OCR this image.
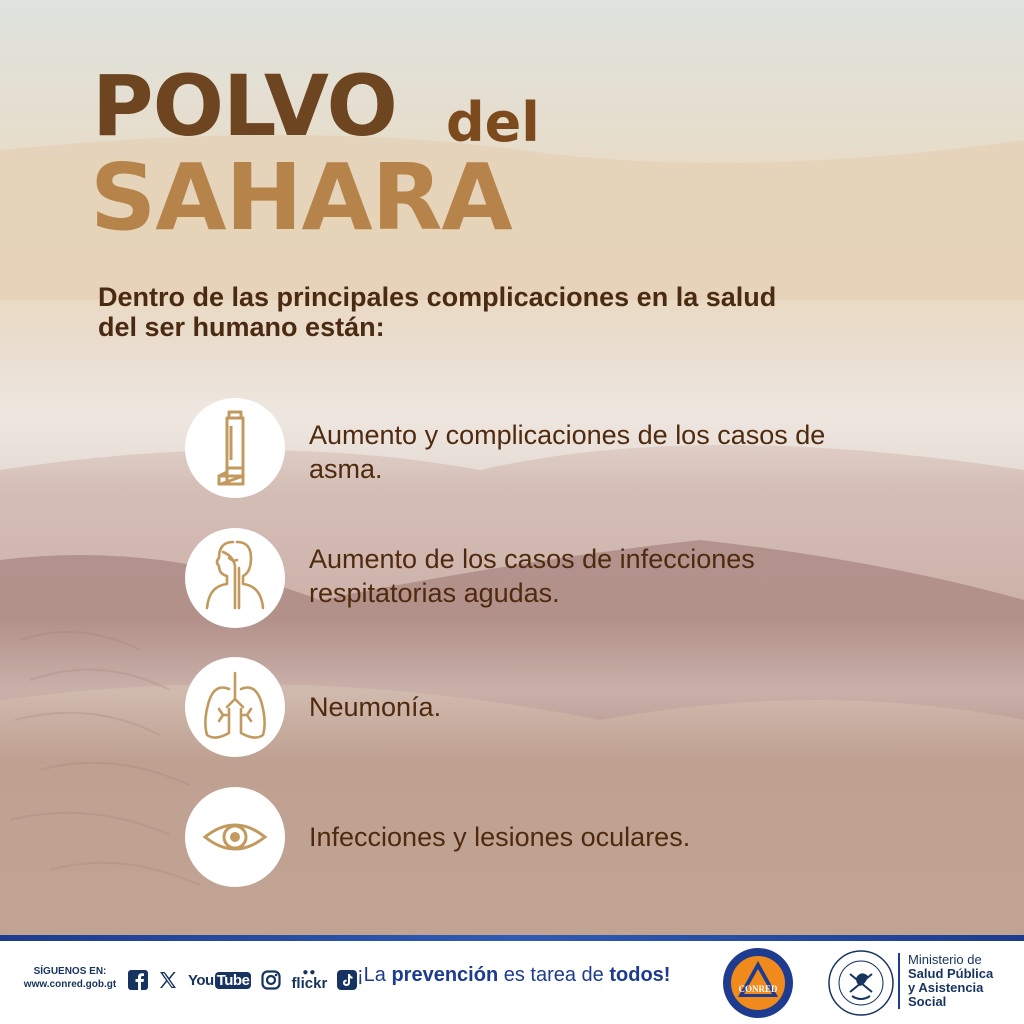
POLVO del
SAHARA
Dentro de las principales complicaciones en la salud del ser humano están:
Aumento y complicaciones de los casos de asma.
Aumento de los casos de infecciones respitatorias agudas.
Neumonía.
Infecciones y lesiones oculares.
SÍGUENOS EN:
www.conred.gob.gt	You Tube	●●
flickr ¡La prevención es tarea de todos!
CONRED
Ministerio de
Salud Pública
y Asistencia
Social
